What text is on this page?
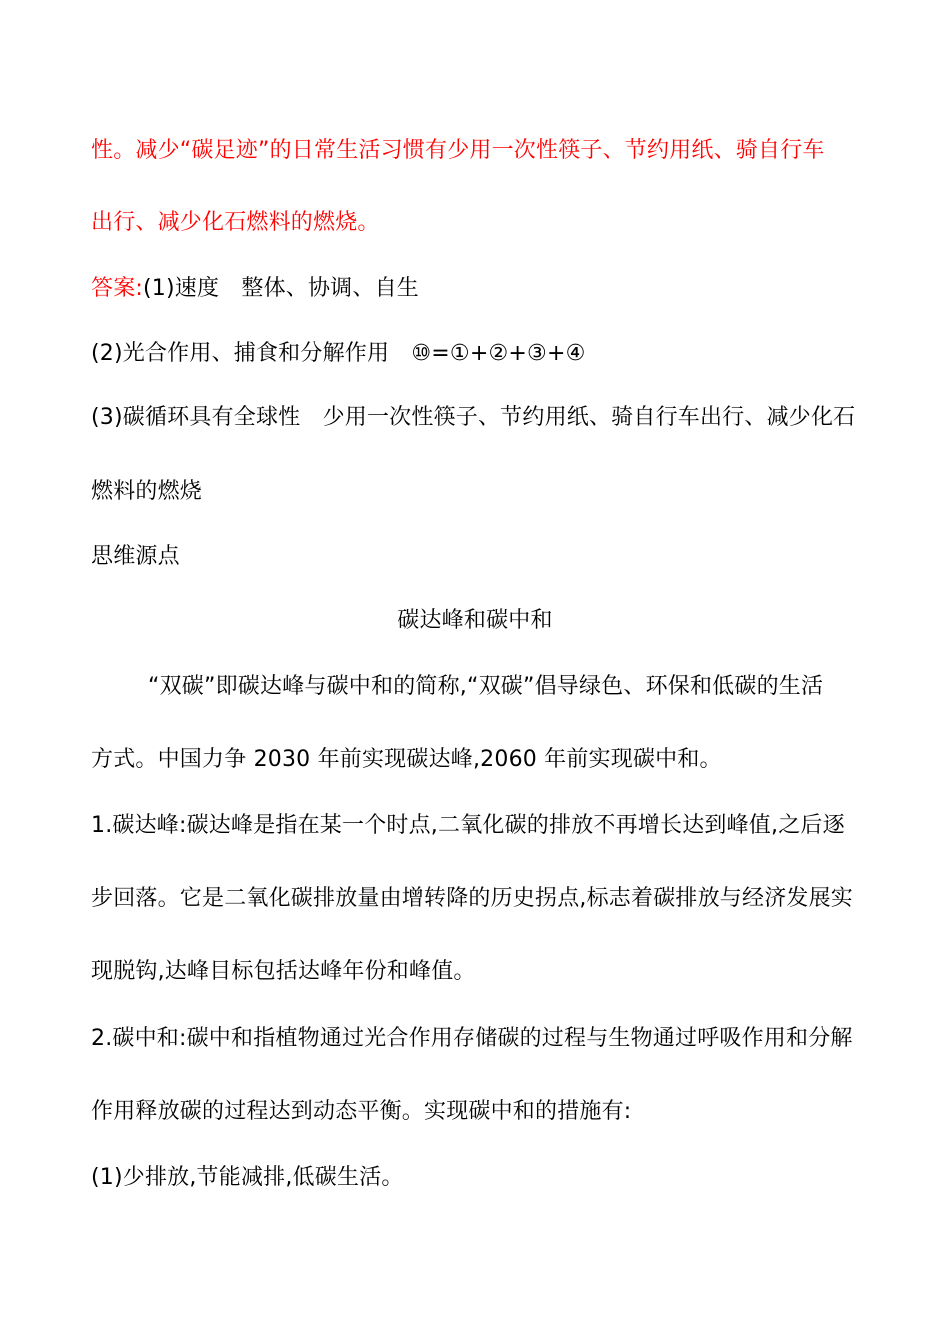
性。减少“碳足迹”的日常生活习惯有少用一次性筷子、节约用纸、骑自行车
出行、减少化石燃料的燃烧。
答案:(1)速度　整体、协调、自生
(2)光合作用、捕食和分解作用　⑩=①+②+③+④
(3)碳循环具有全球性　少用一次性筷子、节约用纸、骑自行车出行、减少化石
燃料的燃烧
思维源点
碳达峰和碳中和
“双碳”即碳达峰与碳中和的简称,“双碳”倡导绿色、环保和低碳的生活
方式。中国力争 2030 年前实现碳达峰,2060 年前实现碳中和。
1.碳达峰:碳达峰是指在某一个时点,二氧化碳的排放不再增长达到峰值,之后逐
步回落。它是二氧化碳排放量由增转降的历史拐点,标志着碳排放与经济发展实
现脱钩,达峰目标包括达峰年份和峰值。
2.碳中和:碳中和指植物通过光合作用存储碳的过程与生物通过呼吸作用和分解
作用释放碳的过程达到动态平衡。实现碳中和的措施有:
(1)少排放,节能减排,低碳生活。
